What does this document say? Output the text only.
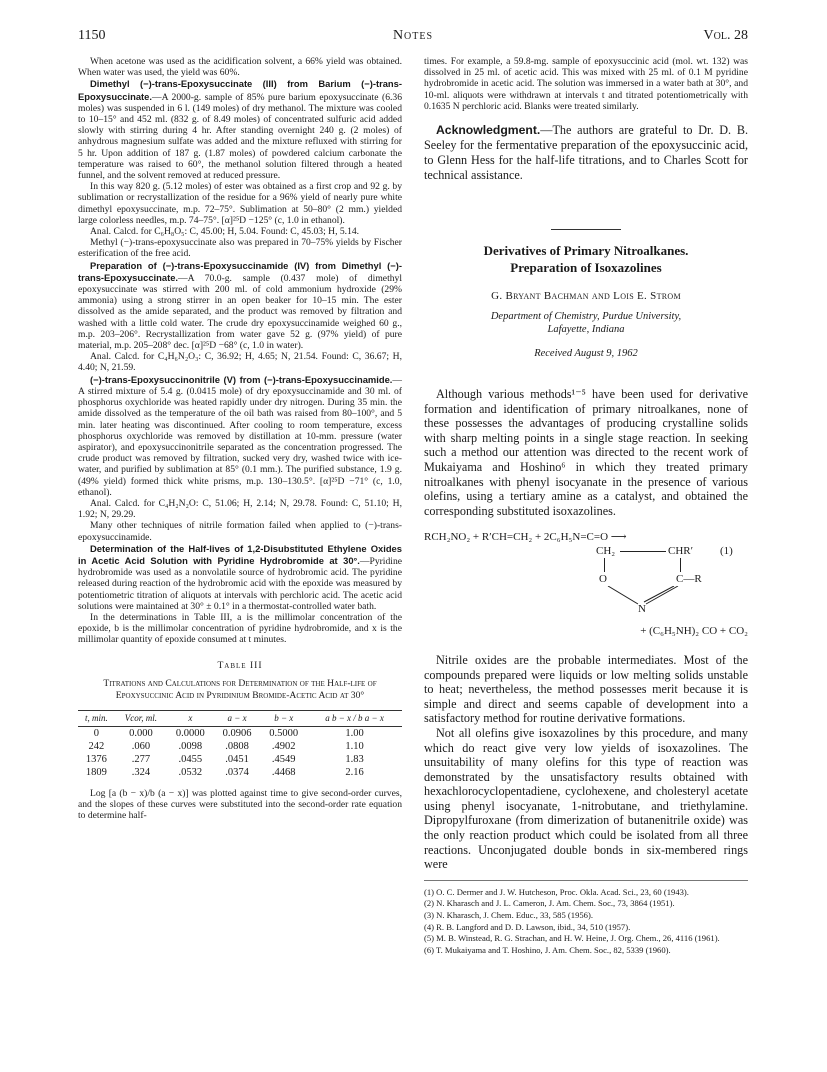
1150	Notes	Vol. 28

When acetone was used as the acidification solvent, a 66% yield was obtained. When water was used, the yield was 60%.

Dimethyl (−)-trans-Epoxysuccinate (III) from Barium (−)-trans-Epoxysuccinate.—A 2000-g. sample of 85% pure barium epoxysuccinate (6.36 moles) was suspended in 6 l. (149 moles) of dry methanol. The mixture was cooled to 10–15° and 452 ml. (832 g. of 8.49 moles) of concentrated sulfuric acid added slowly with stirring during 4 hr. After standing overnight 240 g. (2 moles) of anhydrous magnesium sulfate was added and the mixture refluxed with stirring for 5 hr. Upon addition of 187 g. (1.87 moles) of powdered calcium carbonate the temperature was raised to 60°, the methanol solution filtered through a heated funnel, and the solvent removed at reduced pressure.

In this way 820 g. (5.12 moles) of ester was obtained as a first crop and 92 g. by sublimation or recrystallization of the residue for a 96% yield of nearly pure white dimethyl epoxysuccinate, m.p. 72–75°. Sublimation at 50–80° (2 mm.) yielded large colorless needles, m.p. 74–75°. [α]²⁵D −125° (c, 1.0 in ethanol).

Anal. Calcd. for C₆H₈O₅: C, 45.00; H, 5.04. Found: C, 45.03; H, 5.14.

Methyl (−)-trans-epoxysuccinate also was prepared in 70–75% yields by Fischer esterification of the free acid.

Preparation of (−)-trans-Epoxysuccinamide (IV) from Dimethyl (−)-trans-Epoxysuccinate.—A 70.0-g. sample (0.437 mole) of dimethyl epoxysuccinate was stirred with 200 ml. of cold ammonium hydroxide (29% ammonia) using a strong stirrer in an open beaker for 10–15 min. The ester dissolved as the amide separated, and the product was removed by filtration and washed with a little cold water. The crude dry epoxysuccinamide weighed 60 g., m.p. 203–206°. Recrystallization from water gave 52 g. (97% yield) of pure material, m.p. 205–208° dec. [α]²⁵D −68° (c, 1.0 in water).

Anal. Calcd. for C₄H₆N₂O₃: C, 36.92; H, 4.65; N, 21.54. Found: C, 36.67; H, 4.40; N, 21.59.

(−)-trans-Epoxysuccinonitrile (V) from (−)-trans-Epoxysuccinamide.—A stirred mixture of 5.4 g. (0.0415 mole) of dry epoxysuccinamide and 30 ml. of phosphorus oxychloride was heated rapidly under dry nitrogen. During 35 min. the amide dissolved as the temperature of the oil bath was raised from 80–100°, and 5 min. later heating was discontinued. After cooling to room temperature, excess phosphorus oxychloride was removed by distillation at 10-mm. pressure (water aspirator), and epoxysuccinonitrile separated as the concentration progressed. The crude product was removed by filtration, sucked very dry, washed twice with ice-water, and purified by sublimation at 85° (0.1 mm.). The purified substance, 1.9 g. (49% yield) formed thick white prisms, m.p. 130–130.5°. [α]²⁵D −71° (c, 1.0, ethanol).

Anal. Calcd. for C₄H₂N₂O: C, 51.06; H, 2.14; N, 29.78. Found: C, 51.10; H, 1.92; N, 29.29.

Many other techniques of nitrile formation failed when applied to (−)-trans-epoxysuccinamide.

Determination of the Half-lives of 1,2-Disubstituted Ethylene Oxides in Acetic Acid Solution with Pyridine Hydrobromide at 30°.—Pyridine hydrobromide was used as a nonvolatile source of hydrobromic acid. The pyridine released during reaction of the hydrobromic acid with the epoxide was measured by potentiometric titration of aliquots at intervals with perchloric acid. The acetic acid solutions were maintained at 30° ± 0.1° in a thermostat-controlled water bath.

In the determinations in Table III, a is the millimolar concentration of the epoxide, b is the millimolar concentration of pyridine hydrobromide, and x is the millimolar quantity of epoxide consumed at t minutes.

Table III
Titrations and Calculations for Determination of the Half-life of Epoxysuccinic Acid in Pyridinium Bromide-Acetic Acid at 30°
t, min.	Vcor, ml.	x	a − x	b − x	a b − x / b a − x
0	0.000	0.0000	0.0906	0.5000	1.00
242	.060	.0098	.0808	.4902	1.10
1376	.277	.0455	.0451	.4549	1.83
1809	.324	.0532	.0374	.4468	2.16

Log [a (b − x)/b (a − x)] was plotted against time to give second-order curves, and the slopes of these curves were substituted into the second-order rate equation to determine half-

times. For example, a 59.8-mg. sample of epoxysuccinic acid (mol. wt. 132) was dissolved in 25 ml. of acetic acid. This was mixed with 25 ml. of 0.1 M pyridine hydrobromide in acetic acid. The solution was immersed in a water bath at 30°, and 10-ml. aliquots were withdrawn at intervals t and titrated potentiometrically with 0.1635 N perchloric acid. Blanks were treated similarly.

Acknowledgment.—The authors are grateful to Dr. D. B. Seeley for the fermentative preparation of the epoxysuccinic acid, to Glenn Hess for the half-life titrations, and to Charles Scott for technical assistance.

Derivatives of Primary Nitroalkanes.
Preparation of Isoxazolines
G. Bryant Bachman and Lois E. Strom
Department of Chemistry, Purdue University,
Lafayette, Indiana
Received August 9, 1962

Although various methods¹⁻⁵ have been used for derivative formation and identification of primary nitroalkanes, none of these possesses the advantages of producing crystalline solids with sharp melting points in a single stage reaction. In seeking such a method our attention was directed to the recent work of Mukaiyama and Hoshino⁶ in which they treated primary nitroalkanes with phenyl isocyanate in the presence of various olefins, using a tertiary amine as a catalyst, and obtained the corresponding substituted isoxazolines.

RCH₂NO₂ + R′CH=CH₂ + 2C₆H₅N=C=O ⟶
CH₂	CHR′ (1)
O	C—R
N
+ (C₆H₅NH)₂ CO + CO₂

Nitrile oxides are the probable intermediates. Most of the compounds prepared were liquids or low melting solids unstable to heat; nevertheless, the method possesses merit because it is simple and direct and seems capable of development into a satisfactory method for routine derivative formations.

Not all olefins give isoxazolines by this procedure, and many which do react give very low yields of isoxazolines. The unsuitability of many olefins for this type of reaction was demonstrated by the unsatisfactory results obtained with hexachlorocyclopentadiene, cyclohexene, and cholesteryl acetate using phenyl isocyanate, 1-nitrobutane, and triethylamine. Dipropylfuroxane (from dimerization of butanenitrile oxide) was the only reaction product which could be isolated from all three reactions. Unconjugated double bonds in six-membered rings were

(1) O. C. Dermer and J. W. Hutcheson, Proc. Okla. Acad. Sci., 23, 60 (1943).

(2) N. Kharasch and J. L. Cameron, J. Am. Chem. Soc., 73, 3864 (1951).

(3) N. Kharasch, J. Chem. Educ., 33, 585 (1956).

(4) R. B. Langford and D. D. Lawson, ibid., 34, 510 (1957).

(5) M. B. Winstead, R. G. Strachan, and H. W. Heine, J. Org. Chem., 26, 4116 (1961).

(6) T. Mukaiyama and T. Hoshino, J. Am. Chem. Soc., 82, 5339 (1960).
